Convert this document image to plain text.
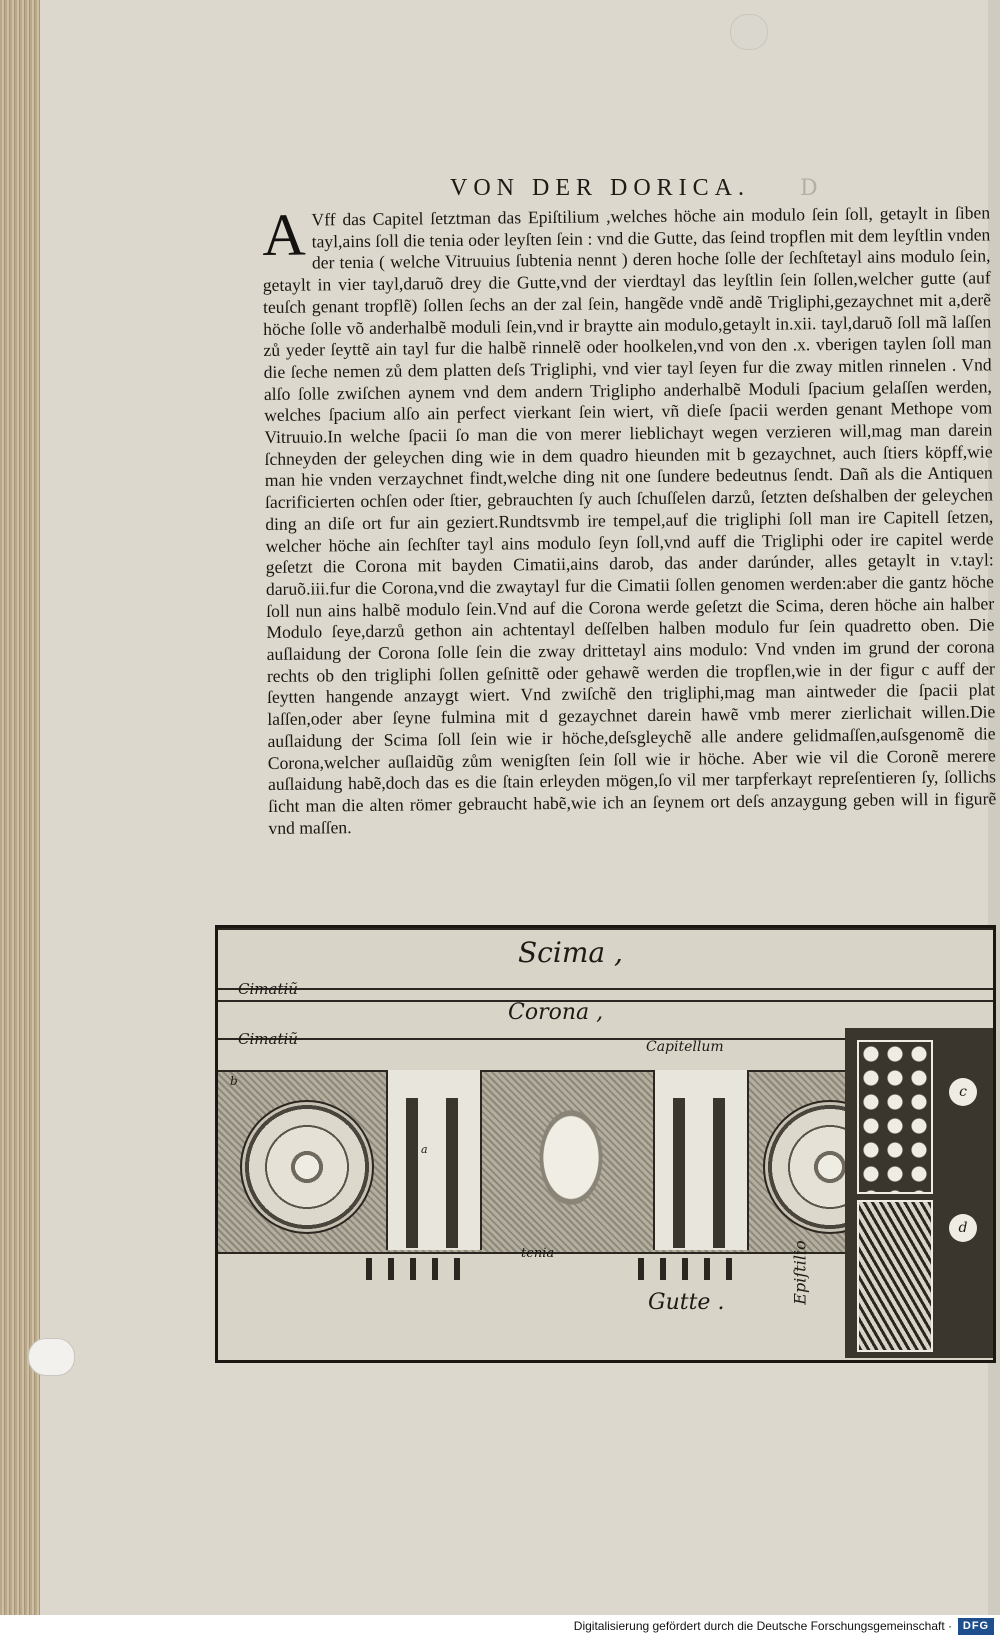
D
VON DER DORICA.
A Vff das Capitel ſetztman das Epiſtilium ,welches höche ain modulo ſein ſoll, getaylt in ſiben tayl,ains ſoll die tenia oder leyſten ſein : vnd die Gutte, das ſeind tropflen mit dem leyſtlin vnden der tenia ( welche Vitruuius ſubtenia nennt ) deren hoche ſolle der ſechſtetayl ains modulo ſein, getaylt in vier tayl,daruõ drey die Gutte,vnd der vierdtayl das leyſtlin ſein ſollen,welcher gutte (auf teuſch genant tropflẽ) ſollen ſechs an der zal ſein, hangẽde vndẽ andẽ Trigliphi,gezaychnet mit a,derẽ höche ſolle võ anderhalbẽ moduli ſein,vnd ir braytte ain modulo,getaylt in.xii. tayl,daruõ ſoll mã laſſen zů yeder ſeyttẽ ain tayl fur die halbẽ rinnelẽ oder hoolkelen,vnd von den .x. vberigen taylen ſoll man die ſeche nemen zů dem platten deſs Trigliphi, vnd vier tayl ſeyen fur die zway mitlen rinnelen . Vnd alſo ſolle zwiſchen aynem vnd dem andern Triglipho anderhalbẽ Moduli ſpacium gelaſſen werden, welches ſpacium alſo ain perfect vierkant ſein wiert, vñ dieſe ſpacii werden genant Methope vom Vitruuio.In welche ſpacii ſo man die von merer lieblichayt wegen verzieren will,mag man darein ſchneyden der geleychen ding wie in dem quadro hieunden mit b gezaychnet, auch ſtiers köpff,wie man hie vnden verzaychnet findt,welche ding nit one ſundere bedeutnus ſendt. Dañ als die Antiquen ſacrificierten ochſen oder ſtier, gebrauchten ſy auch ſchuſſelen darzů, ſetzten deſshalben der geleychen ding an diſe ort fur ain geziert.Rundtsvmb ire tempel,auf die trigliphi ſoll man ire Capitell ſetzen, welcher höche ain ſechſter tayl ains modulo ſeyn ſoll,vnd auff die Trigliphi oder ire capitel werde geſetzt die Corona mit bayden Cimatii,ains darob, das ander darúnder, alles getaylt in v.tayl: daruõ.iii.fur die Corona,vnd die zwaytayl fur die Cimatii ſollen genomen werden:aber die gantz höche ſoll nun ains halbẽ modulo ſein.Vnd auf die Corona werde geſetzt die Scima, deren höche ain halber Modulo ſeye,darzů gethon ain achtentayl deſſelben halben modulo fur ſein quadretto oben. Die auſlaidung der Corona ſolle ſein die zway drittetayl ains modulo: Vnd vnden im grund der corona rechts ob den trigliphi ſollen geſnittẽ oder gehawẽ werden die tropflen,wie in der figur c auff der ſeytten hangende anzaygt wiert. Vnd zwiſchẽ den trigliphi,mag man aintweder die ſpacii plat laſſen,oder aber ſeyne fulmina mit d gezaychnet darein hawẽ vmb merer zierlichait willen.Die auſlaidung der Scima ſoll ſein wie ir höche,deſsgleychẽ alle andere gelidmaſſen,auſsgenomẽ die Corona,welcher auſlaidũg zům wenigſten ſein ſoll wie ir höche. Aber wie vil die Coronẽ merere auſlaidung habẽ,doch das es die ſtain erleyden mögen,ſo vil mer tarpferkayt repreſentieren ſy, ſollichs ſicht man die alten römer gebraucht habẽ,wie ich an ſeynem ort deſs anzaygung geben will in figurẽ vnd maſſen.
Scima ,
Cimatiũ
Corona ,
Cimatiũ	Capitellum
b
a
tenia
Gutte .	Epiſtilio
c
d
Digitalisierung gefördert durch die Deutsche Forschungsgemeinschaft · DFG
